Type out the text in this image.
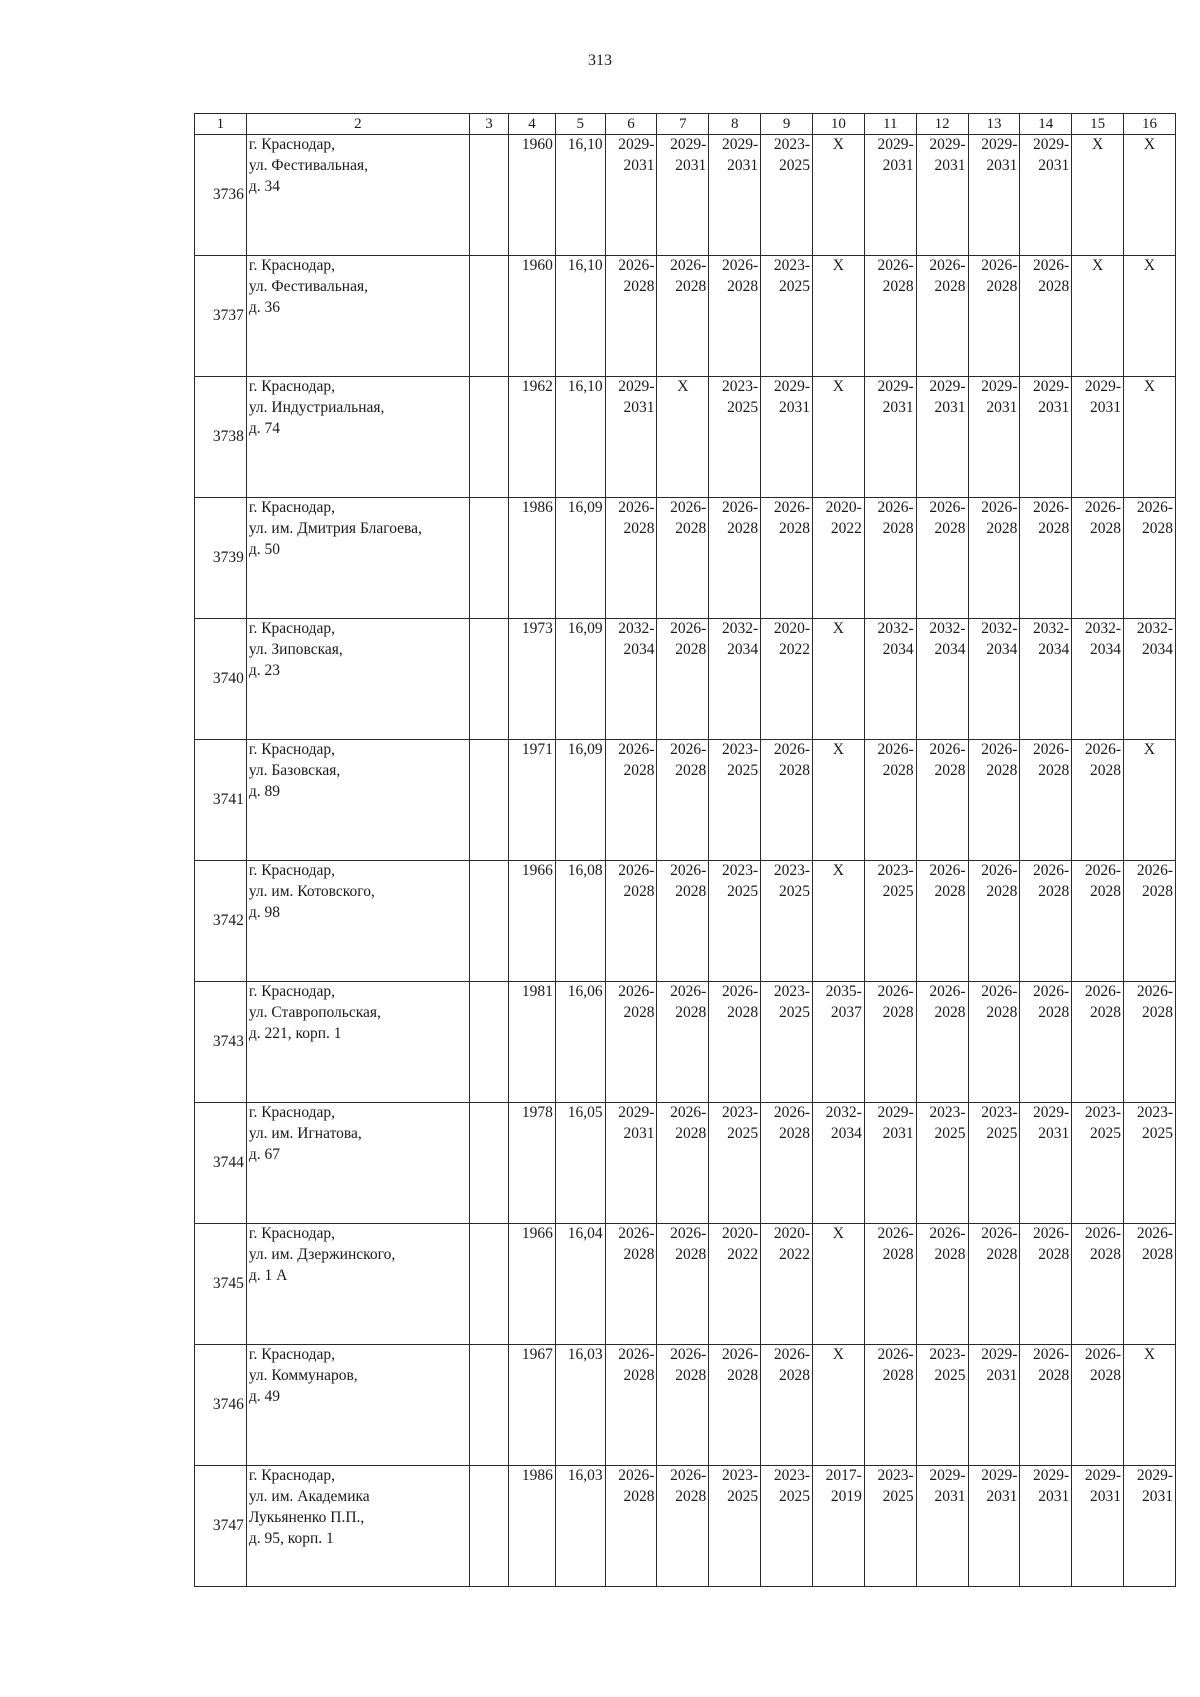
313
1	2	3	4	5	6	7	8	9	10	11	12	13	14	15	16
3736	г. Краснодар,
ул. Фестивальная,
д. 34		1960	16,10	2029-
2031	2029-
2031	2029-
2031	2023-
2025	X	2029-
2031	2029-
2031	2029-
2031	2029-
2031	X	X

3737	г. Краснодар,
ул. Фестивальная,
д. 36		1960	16,10	2026-
2028	2026-
2028	2026-
2028	2023-
2025	X	2026-
2028	2026-
2028	2026-
2028	2026-
2028	X	X

3738	г. Краснодар,
ул. Индустриальная,
д. 74		1962	16,10	2029-
2031	X	2023-
2025	2029-
2031	X	2029-
2031	2029-
2031	2029-
2031	2029-
2031	2029-
2031	X

3739	г. Краснодар,
ул. им. Дмитрия Благоева,
д. 50		1986	16,09	2026-
2028	2026-
2028	2026-
2028	2026-
2028	2020-
2022	2026-
2028	2026-
2028	2026-
2028	2026-
2028	2026-
2028	2026-
2028

3740	г. Краснодар,
ул. Зиповская,
д. 23		1973	16,09	2032-
2034	2026-
2028	2032-
2034	2020-
2022	X	2032-
2034	2032-
2034	2032-
2034	2032-
2034	2032-
2034	2032-
2034

3741	г. Краснодар,
ул. Базовская,
д. 89		1971	16,09	2026-
2028	2026-
2028	2023-
2025	2026-
2028	X	2026-
2028	2026-
2028	2026-
2028	2026-
2028	2026-
2028	X

3742	г. Краснодар,
ул. им. Котовского,
д. 98		1966	16,08	2026-
2028	2026-
2028	2023-
2025	2023-
2025	X	2023-
2025	2026-
2028	2026-
2028	2026-
2028	2026-
2028	2026-
2028

3743	г. Краснодар,
ул. Ставропольская,
д. 221, корп. 1		1981	16,06	2026-
2028	2026-
2028	2026-
2028	2023-
2025	2035-
2037	2026-
2028	2026-
2028	2026-
2028	2026-
2028	2026-
2028	2026-
2028

3744	г. Краснодар,
ул. им. Игнатова,
д. 67		1978	16,05	2029-
2031	2026-
2028	2023-
2025	2026-
2028	2032-
2034	2029-
2031	2023-
2025	2023-
2025	2029-
2031	2023-
2025	2023-
2025

3745	г. Краснодар,
ул. им. Дзержинского,
д. 1 А		1966	16,04	2026-
2028	2026-
2028	2020-
2022	2020-
2022	X	2026-
2028	2026-
2028	2026-
2028	2026-
2028	2026-
2028	2026-
2028

3746	г. Краснодар,
ул. Коммунаров,
д. 49		1967	16,03	2026-
2028	2026-
2028	2026-
2028	2026-
2028	X	2026-
2028	2023-
2025	2029-
2031	2026-
2028	2026-
2028	X

3747	г. Краснодар,
ул. им. Академика
Лукьяненко П.П.,
д. 95, корп. 1		1986	16,03	2026-
2028	2026-
2028	2023-
2025	2023-
2025	2017-
2019	2023-
2025	2029-
2031	2029-
2031	2029-
2031	2029-
2031	2029-
2031
